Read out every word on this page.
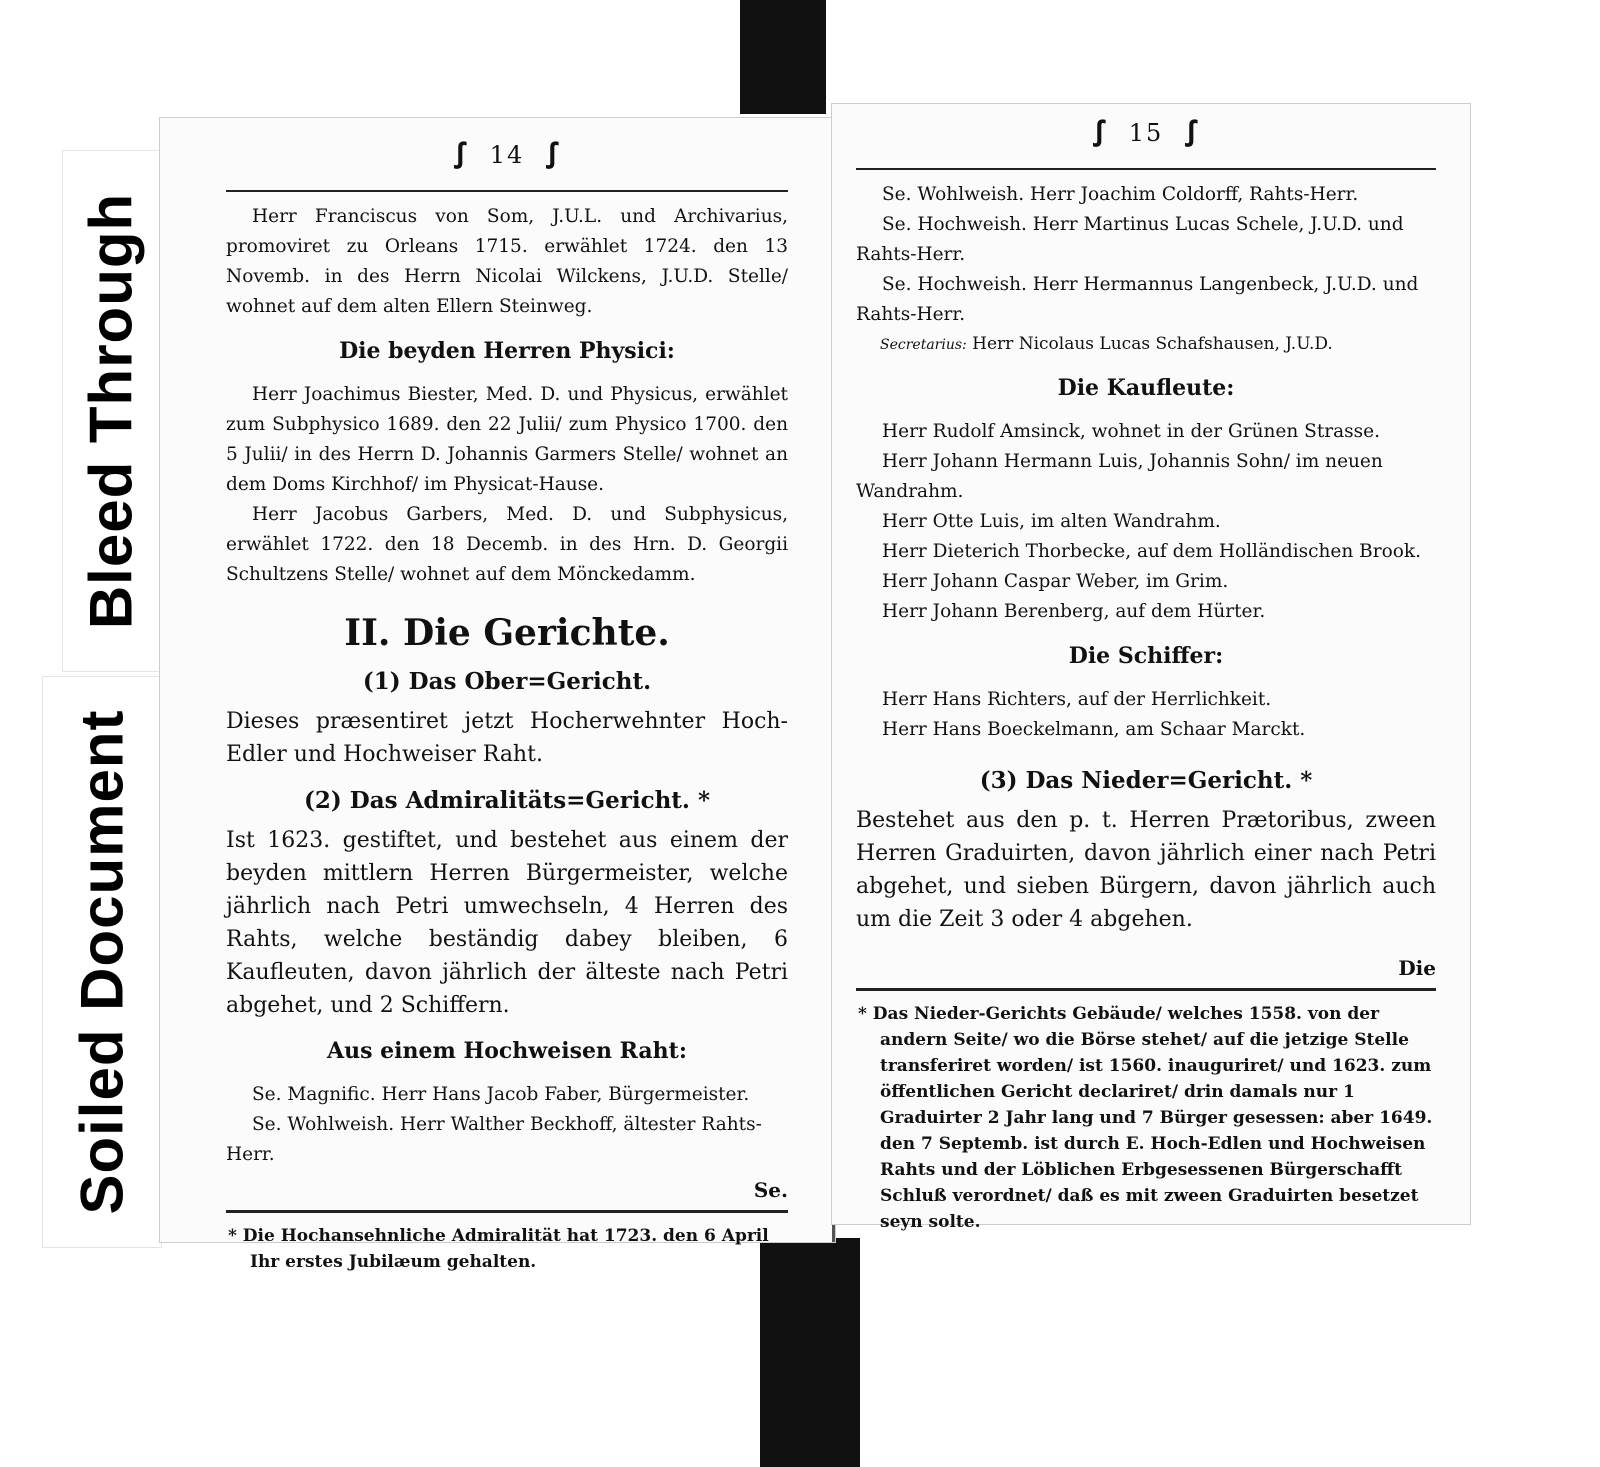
Bleed Through
Soiled Document
ꭍ 14 ꭍ

Herr Franciscus von Som, J.U.L. und Archivarius, promoviret zu Orleans 1715. erwählet 1724. den 13 Novemb. in des Herrn Nicolai Wilckens, J.U.D. Stelle/ wohnet auf dem alten Ellern Steinweg.

Die beyden Herren Physici:

Herr Joachimus Biester, Med. D. und Physicus, erwählet zum Subphysico 1689. den 22 Julii/ zum Physico 1700. den 5 Julii/ in des Herrn D. Johannis Garmers Stelle/ wohnet an dem Doms Kirchhof/ im Physicat-Hause.

Herr Jacobus Garbers, Med. D. und Subphysicus, erwählet 1722. den 18 Decemb. in des Hrn. D. Georgii Schultzens Stelle/ wohnet auf dem Mönckedamm.

II. Die Gerichte.
(1) Das Ober=Gericht.

Dieses præsentiret jetzt Hocherwehnter Hoch-Edler und Hochweiser Raht.

(2) Das Admiralitäts=Gericht. *

Ist 1623. gestiftet, und bestehet aus einem der beyden mittlern Herren Bürgermeister, welche jährlich nach Petri umwechseln, 4 Herren des Rahts, welche beständig dabey bleiben, 6 Kaufleuten, davon jährlich der älteste nach Petri abgehet, und 2 Schiffern.

Aus einem Hochweisen Raht:

Se. Magnific. Herr Hans Jacob Faber, Bürgermeister.

Se. Wohlweish. Herr Walther Beckhoff, ältester Rahts-Herr.

Se.

* Die Hochansehnliche Admiralität hat 1723. den 6 April Ihr erstes Jubilæum gehalten.

ꭍ 15 ꭍ

Se. Wohlweish. Herr Joachim Coldorff, Rahts-Herr.

Se. Hochweish. Herr Martinus Lucas Schele, J.U.D. und Rahts-Herr.

Se. Hochweish. Herr Hermannus Langenbeck, J.U.D. und Rahts-Herr.

Secretarius: Herr Nicolaus Lucas Schafshausen, J.U.D.
Die Kaufleute:

Herr Rudolf Amsinck, wohnet in der Grünen Strasse.

Herr Johann Hermann Luis, Johannis Sohn/ im neuen Wandrahm.

Herr Otte Luis, im alten Wandrahm.

Herr Dieterich Thorbecke, auf dem Holländischen Brook.

Herr Johann Caspar Weber, im Grim.

Herr Johann Berenberg, auf dem Hürter.

Die Schiffer:

Herr Hans Richters, auf der Herrlichkeit.

Herr Hans Boeckelmann, am Schaar Marckt.

(3) Das Nieder=Gericht. *

Bestehet aus den p. t. Herren Prætoribus, zween Herren Graduirten, davon jährlich einer nach Petri abgehet, und sieben Bürgern, davon jährlich auch um die Zeit 3 oder 4 abgehen.

Die

* Das Nieder-Gerichts Gebäude/ welches 1558. von der andern Seite/ wo die Börse stehet/ auf die jetzige Stelle transferiret worden/ ist 1560. inauguriret/ und 1623. zum öffentlichen Gericht declariret/ drin damals nur 1 Graduirter 2 Jahr lang und 7 Bürger gesessen: aber 1649. den 7 Septemb. ist durch E. Hoch-Edlen und Hochweisen Rahts und der Löblichen Erbgesessenen Bürgerschafft Schluß verordnet/ daß es mit zween Graduirten besetzet seyn solte.
